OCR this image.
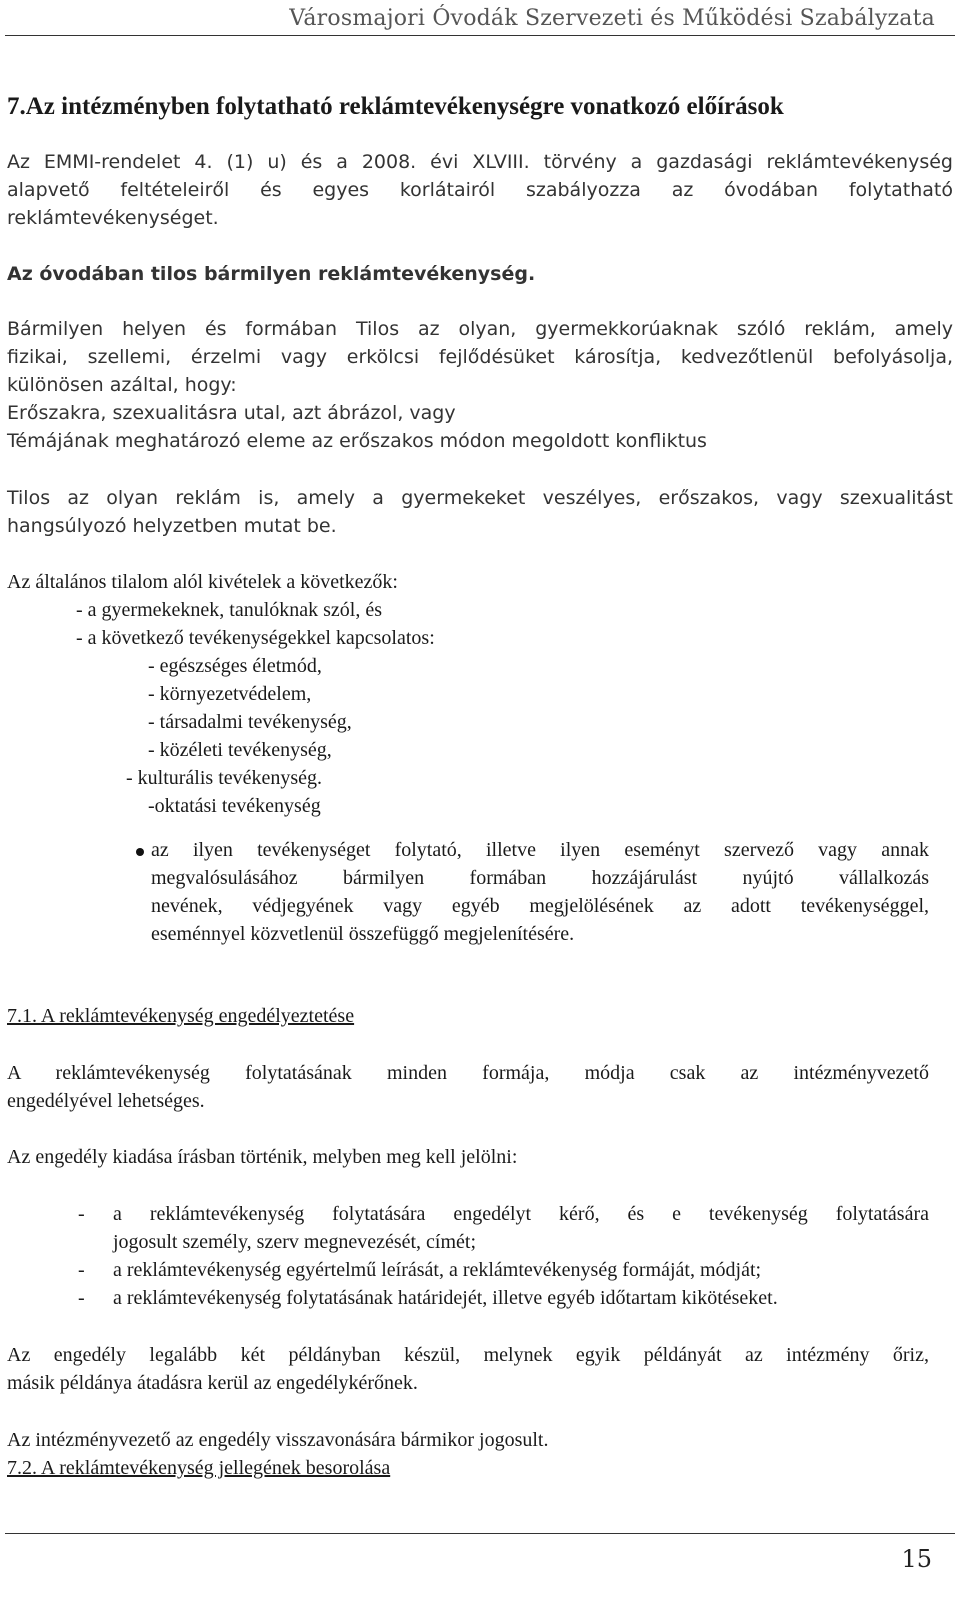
Városmajori Óvodák Szervezeti és Működési Szabályzata
7.Az intézményben folytatható reklámtevékenységre vonatkozó előírások
Az EMMI-rendelet 4. (1) u) és a 2008. évi XLVIII. törvény a gazdasági reklámtevékenység
alapvető feltételeiről és egyes korlátairól szabályozza az óvodában folytatható
reklámtevékenységet.
Az óvodában tilos bármilyen reklámtevékenység.
Bármilyen helyen és formában Tilos az olyan, gyermekkorúaknak szóló reklám, amely
fizikai, szellemi, érzelmi vagy erkölcsi fejlődésüket károsítja, kedvezőtlenül befolyásolja,
különösen azáltal, hogy:
Erőszakra, szexualitásra utal, azt ábrázol, vagy
Témájának meghatározó eleme az erőszakos módon megoldott konfliktus
Tilos az olyan reklám is, amely a gyermekeket veszélyes, erőszakos, vagy szexualitást
hangsúlyozó helyzetben mutat be.
Az általános tilalom alól kivételek a következők:
- a gyermekeknek, tanulóknak szól, és
- a következő tevékenységekkel kapcsolatos:
- egészséges életmód,
- környezetvédelem,
- társadalmi tevékenység,
- közéleti tevékenység,
- kulturális tevékenység.
-oktatási tevékenység
az ilyen tevékenységet folytató, illetve ilyen eseményt szervező vagy annak
megvalósulásához bármilyen formában hozzájárulást nyújtó vállalkozás
nevének, védjegyének vagy egyéb megjelölésének az adott tevékenységgel,
eseménnyel közvetlenül összefüggő megjelenítésére.
7.1. A reklámtevékenység engedélyeztetése
A reklámtevékenység folytatásának minden formája, módja csak az intézményvezető
engedélyével lehetséges.
Az engedély kiadása írásban történik, melyben meg kell jelölni:
-	a reklámtevékenység folytatására engedélyt kérő, és e tevékenység folytatására
jogosult személy, szerv megnevezését, címét;
-	a reklámtevékenység egyértelmű leírását, a reklámtevékenység formáját, módját;
-	a reklámtevékenység folytatásának határidejét, illetve egyéb időtartam kikötéseket.
Az engedély legalább két példányban készül, melynek egyik példányát az intézmény őriz,
másik példánya átadásra kerül az engedélykérőnek.
Az intézményvezető az engedély visszavonására bármikor jogosult.
7.2. A reklámtevékenység jellegének besorolása
15
